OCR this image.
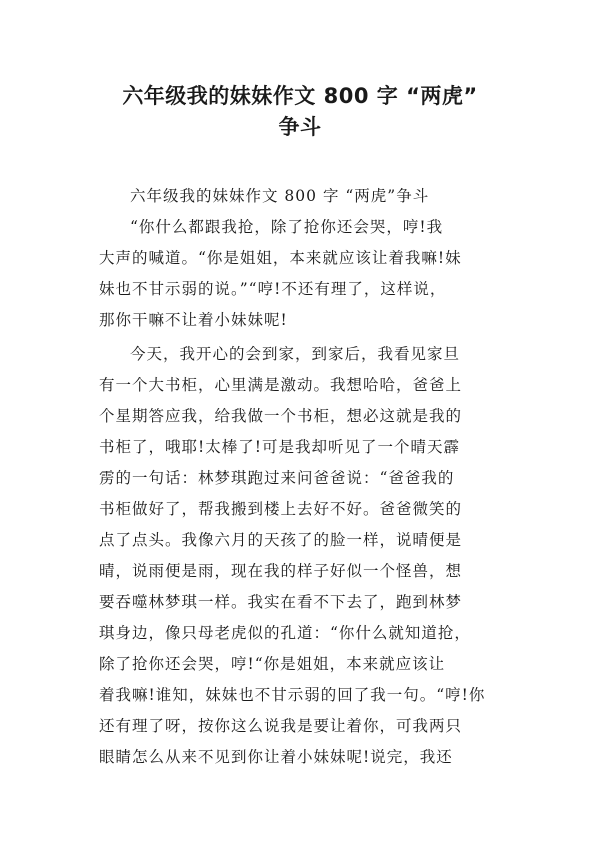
六年级我的妹妹作文 800 字 “两虎”
争斗

六年级我的妹妹作文 800 字 “两虎”争斗

“你什么都跟我抢，除了抢你还会哭，哼!我

大声的喊道。“你是姐姐，本来就应该让着我嘛!妹

妹也不甘示弱的说。”“哼!不还有理了，这样说，

那你干嘛不让着小妹妹呢!

今天，我开心的会到家，到家后，我看见家旦

有一个大书柜，心里满是激动。我想哈哈，爸爸上

个星期答应我，给我做一个书柜，想必这就是我的

书柜了，哦耶!太棒了!可是我却听见了一个晴天霹

雳的一句话：林梦琪跑过来问爸爸说：“爸爸我的

书柜做好了，帮我搬到楼上去好不好。爸爸微笑的

点了点头。我像六月的天孩了的脸一样，说晴便是

晴，说雨便是雨，现在我的样子好似一个怪兽，想

要吞噬林梦琪一样。我实在看不下去了，跑到林梦

琪身边，像只母老虎似的孔道：“你什么就知道抢，

除了抢你还会哭，哼!“你是姐姐，本来就应该让

着我嘛!谁知，妹妹也不甘示弱的回了我一句。“哼!你

还有理了呀，按你这么说我是要让着你，可我两只

眼睛怎么从来不见到你让着小妹妹呢!说完，我还
